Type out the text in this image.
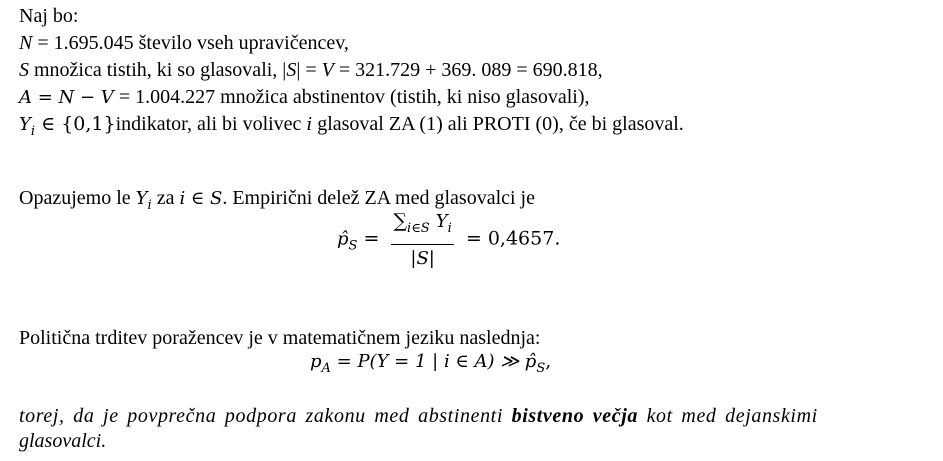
Naj bo:
N = 1.695.045 število vseh upravičencev,
S množica tistih, ki so glasovali, |S| = V = 321.729 + 369. 089 = 690.818,
A = N − V = 1.004.227 množica abstinentov (tistih, ki niso glasovali),
$Y_i$ ∈ {0,1}indikator, ali bi volivec i glasoval ZA (1) ali PROTI (0), če bi glasoval.
Opazujemo le $Y_i$ za i ∈ S. Empirični delež ZA med glasovalci je
$p̂_S = \frac{\sum_{i\in S} Y_i}{|S|} = 0,4657$.
Politična trditev poražencev je v matematičnem jeziku naslednja:
$p_A = P(Y = 1$ | i ∈ A) ≫ $p̂_S$,
torej, da je povprečna podpora zakonu med abstinenti bistveno večja kot med dejanskimi
glasovalci.
